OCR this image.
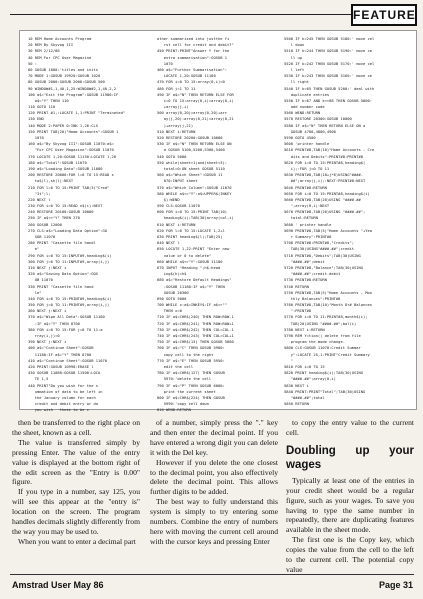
FEATURE
10 REM Home Accounts Program
20 REM By Skyvog III
30 REM 2/12/86
40 REM For CPC User Magazine
50 :
60 GOSUB 1000:'titles and inits
70 MODE 1:GOSUB 19920:GOSUB 1020
80 GOSUB 2000:GOSUB 2000:GOSUB 500
90 WINDOW#1,1,40,1,25:WINDOW#2,1,40,2,2
100 a$="Exit the Program":GOSUB 11980:IF
a$="Y" THEN 110
110 GOTO 110
120 PRINT #1,:LOCATE 1,1:PRINT "Terminated"
130 END
140 MODE 2:PAPER 0:INK 1,26:CLS
150 PRINT TAB(20)"Home Accounts":GOSUB 1
1070
160 a$="By Skyvog III":GOSUB 11070:a$=
"For CPC User Magazine":GOSUB 11070
170 LOCATE 1,20:GOSUB 11150:LOCATE 1,20
180 a$="Total":GOSUB 11070
190 a$="Loading Data":GOSUB 11080
200 RESTORE 20000:FOR l=0 TO 15:READ s
to$(l),sh(l):NEXT
210 FOR l=0 TO 15:PRINT TAB(3)"Cred"
"It";l;
220 NEXT l
230 FOR i=0 TO 15:READ n$(i):NEXT
240 RESTORE 20100:GOSUB 10000
250 IF a$<>"Y" THEN 270
260 GOSUB 12000
270 CLS:a$="Loading Data Option":GO
SUB 11070
280 PRINT "Cassette file handl
e"
290 FOR i=0 TO 15:INPUT#9,heading$(i)
300 FOR j=0 TO 11:INPUT#9,array(i,j)
310 NEXT j:NEXT i
320 a$="Saving Data Option":GOS
UB 11070
330 PRINT "Cassette file hand
le"
340 FOR i=0 TO 15:PRINT#9,heading$(i)
350 FOR j=0 TO 11:PRINT#9,array(i,j)
360 NEXT j:NEXT i
370 a$="Wipe All Data":GOSUB 11180
:IF a$="Y" THEN 8700
380 FOR i=0 TO 15:FOR j=0 TO 11:a
rray(i,j)=0
390 NEXT j:NEXT i
400 a$="Continue Sheet":GOSUB
11180:IF a$="Y" THEN 8700
410 a$="Continue Sheet":GOSUB 11070
420 PRINT:GOSUB 10990:ERASE l
430 GOSUB 11080:GOSUB 11500:LOCA
TE 1,5
440 PRINT"Do you wish for the s
ummation of data to be left in
the January column for each
credit and debit entry or do
you wish   these to be c
other summarised into justthe fi
rst cell for credit and debit?"
450 PRINT:PRINT"Answer Y for the
extra summarisation":GOSUB 1
1070
460 a$="Further Summarisation":
LOCATE 1,20:GOSUB 11180
470 FOR i=0 TO 15:array(0,i)=0
480 FOR j=1 TO 11
490 IF a$="N" THEN RETURN ELSE FOR
i=0 TO 15:array(0,i)=array(0,i)
+array(j,i)
500 array(0,20)=array(0,20)+arr
ay(j,20):array(0,21)=array(0,21
)+array(j,21)
510 NEXT i:RETURN
520 RESTORE 20200:GOSUB 10000
530 IF a$="N" THEN RETURN ELSE ON
a GOSUB 5100,5200,5300,5400
540 GOTO 5000
550 while(sheet>1)and(sheet<3):
total=0:ON sheet GOSUB 5110
560 a$="Which Sheet":GOSUB 11
070:INPUT sheet
570 a$="Which Column":GOSUB 11070
580 WHILE a$<>"Y":a$=UPPER$(INKEY
$):WEND
590 CLS:GOSUB 11070
600 FOR i=0 TO 15:PRINT TAB(10)
heading$(i);TAB(30)array(col,i)
610 NEXT i:RETURN
620 FOR l=0 TO 15:LOCATE 1,2+l
630 PRINT heading$(l);TAB(25)
640 NEXT l
650 LOCATE 1,22:PRINT "Enter new
value or 0 to delete"
660 WHILE a$<>"Y":GOSUB 11180
670 INPUT "Heading ";h$:head
ing$(h)=h$
680 a$="Restore Default Headings"
:GOSUB 11180:IF a$="Y" THEN
GOSUB 20300
690 GOTO 5000
700 WHILE x:a$=INKEY$:IF a$<>""
THEN x=0
710 IF a$=CHR$(240) THEN ROW=ROW-1
720 IF a$=CHR$(241) THEN ROW=ROW+1
730 IF a$=CHR$(242) THEN COL=COL-1
740 IF a$=CHR$(243) THEN COL=COL+1
750 IF a$=CHR$(13) THEN GOSUB 5800
760 IF a$="C" THEN GOSUB 5900:
copy cell to the right
770 IF a$="E" THEN GOSUB 5950:
edit the cell
780 IF a$=CHR$(127) THEN GOSUB
5970:'delete the cell
790 IF a$="P" THEN GOSUB 6000:
print the current sheet
800 IF a$=CHR$(224) THEN GOSUB
5990:'copy cell down
810 WEND:RETURN
5500 IF k=245 THEN GOSUB 5180:' move cel
l down
5510 IF k=244 THEN GOSUB 5190:' move ce
ll up
5520 IF k=242 THEN GOSUB 5170:' move cel
l left
5530 IF k=243 THEN GOSUB 5160:' move ce
ll right
5540 IF k=65 THEN GOSUB 5200:' deal with
duplicate entries
5550 IF k=67 AND k<>88 THEN GOSUB 5800:
add number code
5560 WEND:RETURN
5570 RESTORE 20300:GOSUB 10000
5580 IF a$="N" THEN RETURN ELSE ON a
GOSUB 4700,4800,4900
5590 GOTO 4500
5600 'printer handle
5610 PRINT#8,TAB(10)"Home Accounts - Cre
dits and Debits":PRINT#8:PRINT#8
5620 FOR i=0 TO 15:PRINT#8,heading$(
i);:FOR j=0 TO 11
5630 PRINT#8,TAB(18+j*6)USING"####.
##";array(j,i);:NEXT:PRINT#8:NEXT
5640 PRINT#8:RETURN
5650 FOR i=0 TO 15:PRINT#8,heading$(i)
5660 PRINT#8,TAB(20)USING "####.##
";array(0,i):NEXT
5670 PRINT#8,TAB(20)USING "####.##";
total:RETURN
5680 ' printer handle
5690 PRINT#8,TAB(5)"Home Accounts "+Yea
r Summary":PRINT#8
5700 PRINT#8:PRINT#8,"Credits";
TAB(30)USING"####.##";credit
5710 PRINT#8,"Debits";TAB(30)USING
"####.##";debit
5720 PRINT#8,"Balance";TAB(30)USING
"####.##";credit-debit
5730 PRINT#8:RETURN
5740 RETURN
5750 PRINT#8,TAB(5)"Home Accounts - Mon
thly Balances":PRINT#8
5760 PRINT#8,TAB(10)"Month Dr# Balances
":PRINT#8
5770 FOR i=0 TO 11:PRINT#8,month$(i);
TAB(20)USING "####.##";bal(i)
5780 NEXT i:RETURN
5790 REM Y=tion() delete from file
program the mode change.
5800 CLS:GOSUB 11070:Credit Summar
y":LOCATE 25,1:PRINT"Credit Summary
"
5810 FOR i=0 TO 15
5820 PRINT heading$(i);TAB(30)USING
"####.##";array(0,i)
5830 NEXT i
5840 PRINT:PRINT"Total";TAB(30)USING
"####.##";total
5850 RETURN

then be transferred to the right place on the sheet, known as a cell.

The value is transferred simply by pressing Enter. The value of the entry value is displayed at the bottom right of the edit screen as the "Entry is 0.00" figure.

If you type in a number, say 125, you will see this appear at the "entry is" location on the screen. The program handles decimals slightly differently from the way you may be used to.

When you want to enter a decimal part

of a number, simply press the "." key and then enter the decimal point. If you have entered a wrong digit you can delete it with the Del key.

However if you delete the one closest to the decimal point, you also effectively delete the decimal point. This allows further digits to be added.

The best way to fully understand this system is simply to try entering some numbers. Combine the entry of numbers here with moving the current cell around with the cursor keys and pressing Enter

to copy the entry value to the current cell.

Doubling up your wages

Typically at least one of the entries in your credit sheet would be a regular figure, such as your wages. To save you having to type the same number in repeatedly, there are duplicating features available in the sheet mode.

The first one is the Copy key, which copies the value from the cell to the left to the current cell. The potential copy value

Amstrad User May 86	Page 31
